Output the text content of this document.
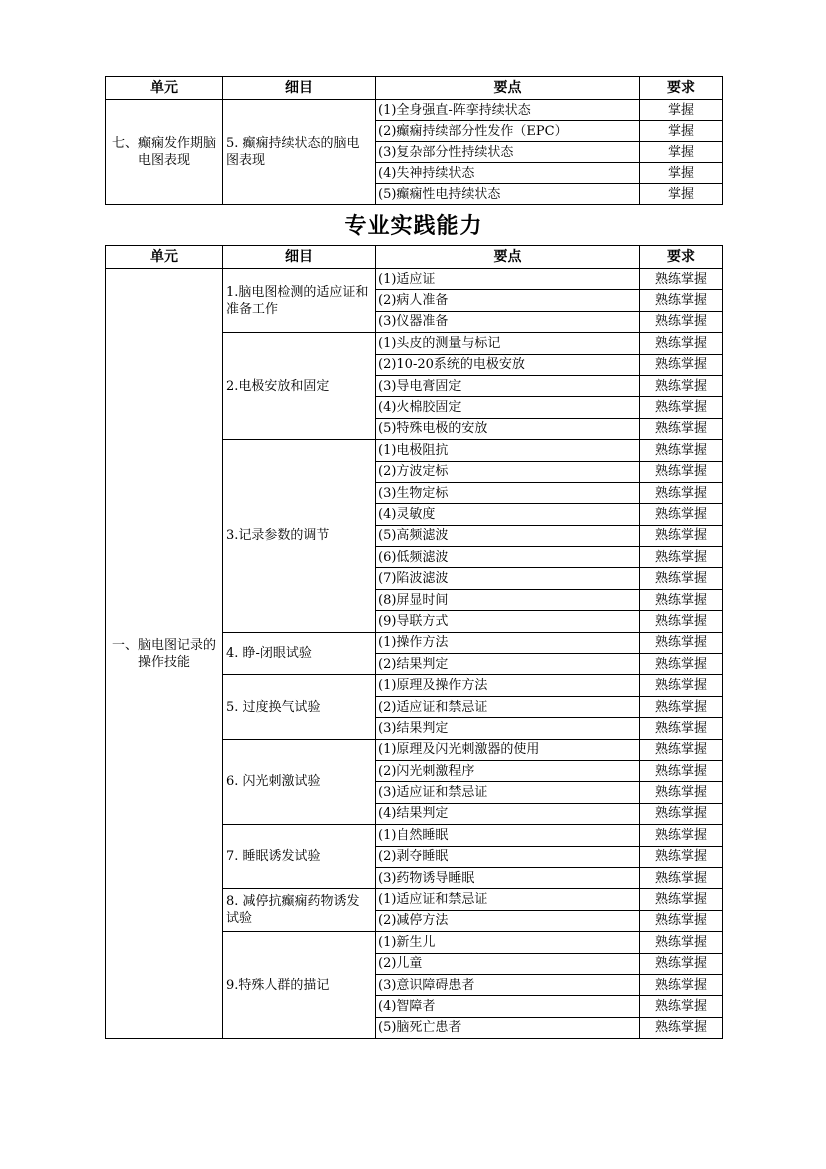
单元	细目	要点	要求
七、癫痫发作期脑电图表现	5. 癫痫持续状态的脑电图表现	(1)全身强直-阵挛持续状态	掌握
		(2)癫痫持续部分性发作（EPC）	掌握
		(3)复杂部分性持续状态	掌握
		(4)失神持续状态	掌握
		(5)癫痫性电持续状态	掌握
专业实践能力
单元	细目	要点	要求
一、脑电图记录的操作技能	1.脑电图检测的适应证和准备工作	(1)适应证	熟练掌握
		(2)病人准备	熟练掌握
		(3)仪器准备	熟练掌握
	2.电极安放和固定	(1)头皮的测量与标记	熟练掌握
		(2)10-20系统的电极安放	熟练掌握
		(3)导电膏固定	熟练掌握
		(4)火棉胶固定	熟练掌握
		(5)特殊电极的安放	熟练掌握
	3.记录参数的调节	(1)电极阻抗	熟练掌握
		(2)方波定标	熟练掌握
		(3)生物定标	熟练掌握
		(4)灵敏度	熟练掌握
		(5)高频滤波	熟练掌握
		(6)低频滤波	熟练掌握
		(7)陷波滤波	熟练掌握
		(8)屏显时间	熟练掌握
		(9)导联方式	熟练掌握
	4. 睁-闭眼试验	(1)操作方法	熟练掌握
		(2)结果判定	熟练掌握
	5. 过度换气试验	(1)原理及操作方法	熟练掌握
		(2)适应证和禁忌证	熟练掌握
		(3)结果判定	熟练掌握
	6. 闪光刺激试验	(1)原理及闪光刺激器的使用	熟练掌握
		(2)闪光刺激程序	熟练掌握
		(3)适应证和禁忌证	熟练掌握
		(4)结果判定	熟练掌握
	7. 睡眠诱发试验	(1)自然睡眠	熟练掌握
		(2)剥夺睡眠	熟练掌握
		(3)药物诱导睡眠	熟练掌握
	8. 减停抗癫痫药物诱发试验	(1)适应证和禁忌证	熟练掌握
		(2)减停方法	熟练掌握
	9.特殊人群的描记	(1)新生儿	熟练掌握
		(2)儿童	熟练掌握
		(3)意识障碍患者	熟练掌握
		(4)智障者	熟练掌握
		(5)脑死亡患者	熟练掌握
